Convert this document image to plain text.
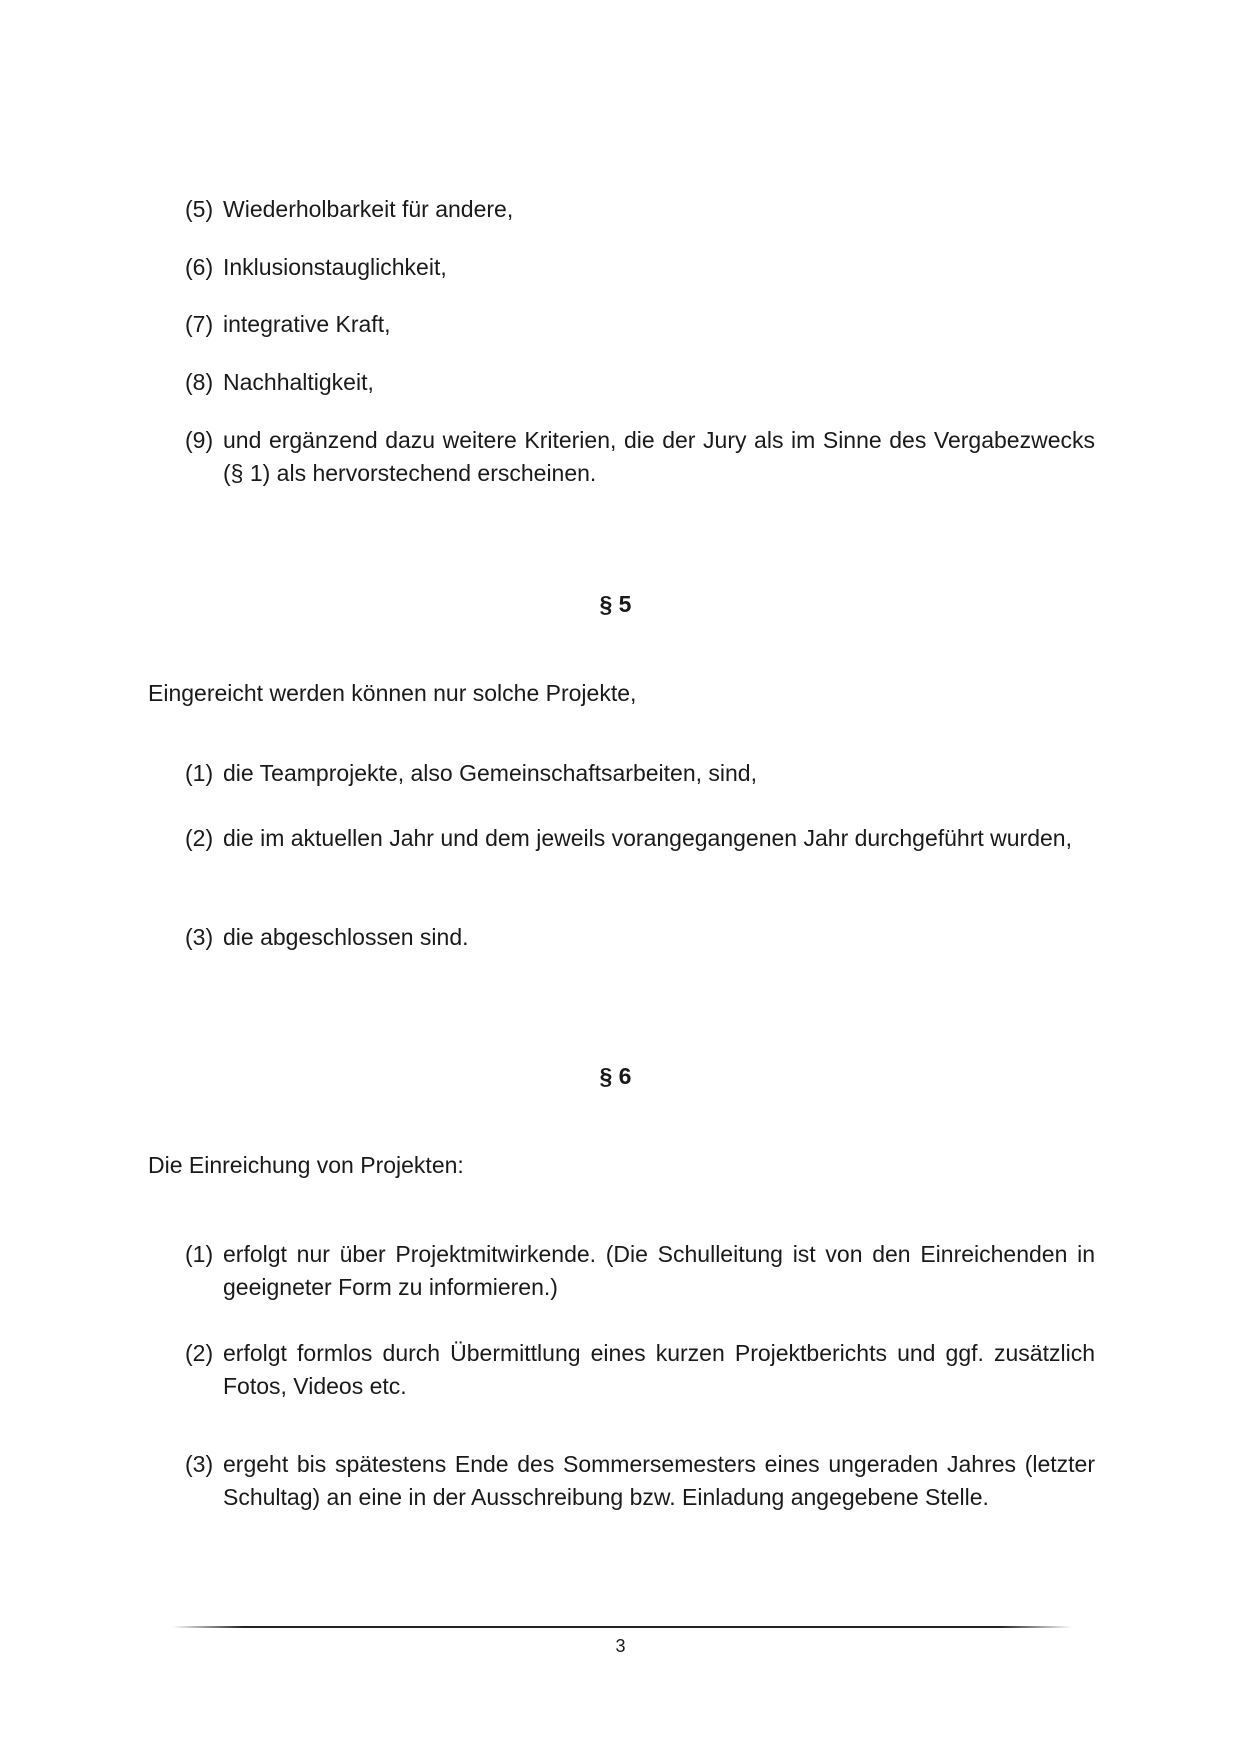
(5) Wiederholbarkeit für andere,
(6) Inklusionstauglichkeit,
(7) integrative Kraft,
(8) Nachhaltigkeit,
(9) und ergänzend dazu weitere Kriterien, die der Jury als im Sinne des Vergabezwecks (§ 1) als hervorstechend erscheinen.
§ 5
Eingereicht werden können nur solche Projekte,
(1) die Teamprojekte, also Gemeinschaftsarbeiten, sind,
(2) die im aktuellen Jahr und dem jeweils vorangegangenen Jahr durchgeführt wurden,
(3) die abgeschlossen sind.
§ 6
Die Einreichung von Projekten:
(1) erfolgt nur über Projektmitwirkende. (Die Schulleitung ist von den Einreichenden in geeigneter Form zu informieren.)
(2) erfolgt formlos durch Übermittlung eines kurzen Projektberichts und ggf. zusätzlich Fotos, Videos etc.
(3) ergeht bis spätestens Ende des Sommersemesters eines ungeraden Jahres (letzter Schultag) an eine in der Ausschreibung bzw. Einladung angegebene Stelle.
3
